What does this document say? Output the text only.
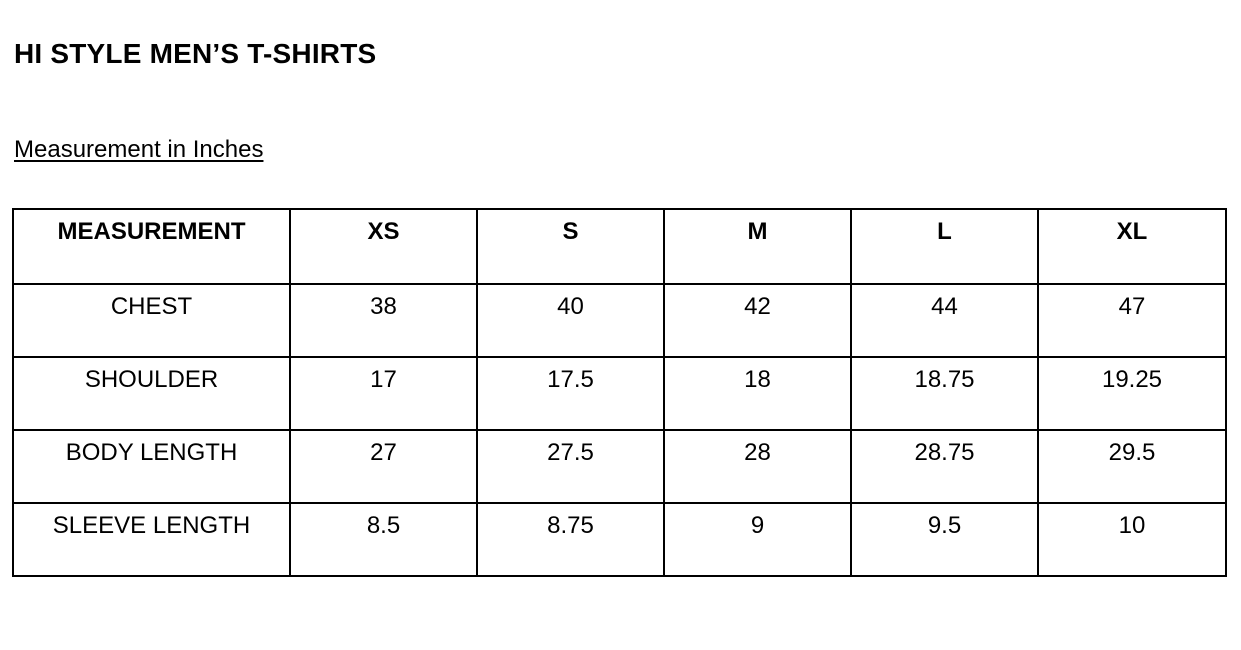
HI STYLE MEN’S T-SHIRTS
Measurement in Inches
MEASUREMENT	XS	S	M	L	XL
CHEST	38	40	42	44	47
SHOULDER	17	17.5	18	18.75	19.25
BODY LENGTH	27	27.5	28	28.75	29.5
SLEEVE LENGTH	8.5	8.75	9	9.5	10
